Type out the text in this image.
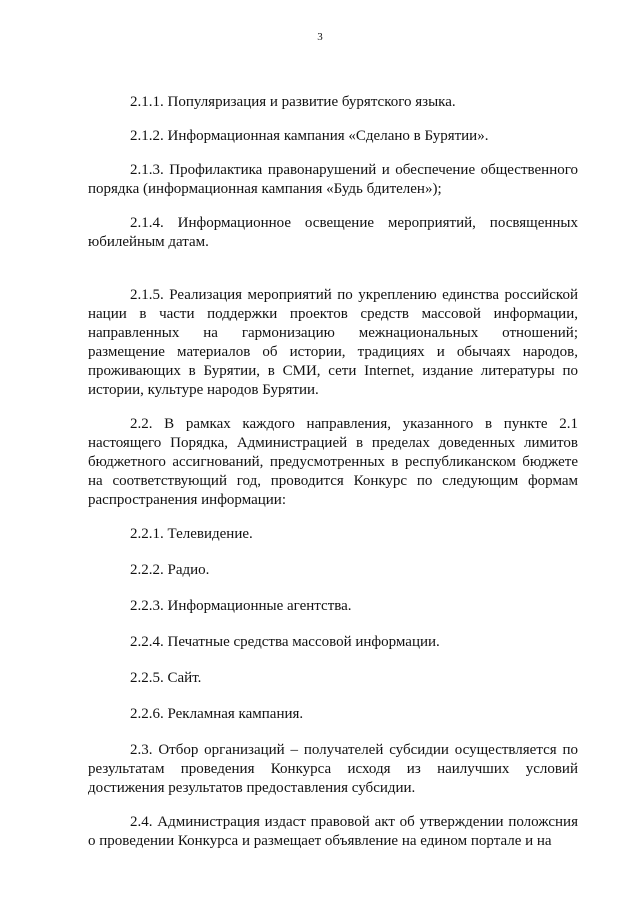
3

2.1.1. Популяризация и развитие бурятского языка.

2.1.2. Информационная кампания «Сделано в Бурятии».

2.1.3. Профилактика правонарушений и обеспечение общественного порядка (информационная кампания «Будь бдителен»);

2.1.4. Информационное освещение мероприятий, посвященных юбилейным датам.

2.1.5. Реализация мероприятий по укреплению единства российской нации в части поддержки проектов средств массовой информации, направленных на гармонизацию межнациональных отношений; размещение материалов об истории, традициях и обычаях народов, проживающих в Бурятии, в СМИ, сети Internet, издание литературы по истории, культуре народов Бурятии.

2.2. В рамках каждого направления, указанного в пункте 2.1 настоящего Порядка, Администрацией в пределах доведенных лимитов бюджетного ассигнований, предусмотренных в республиканском бюджете на соответствующий год, проводится Конкурс по следующим формам распространения информации:

2.2.1. Телевидение.

2.2.2. Радио.

2.2.3. Информационные агентства.

2.2.4. Печатные средства массовой информации.

2.2.5. Сайт.

2.2.6. Рекламная кампания.

2.3. Отбор организаций – получателей субсидии осуществляется по результатам проведения Конкурса исходя из наилучших условий достижения результатов предоставления субсидии.

2.4. Администрация издаст правовой акт об утверждении положсния о проведении Конкурса и размещает объявление на едином портале и на
